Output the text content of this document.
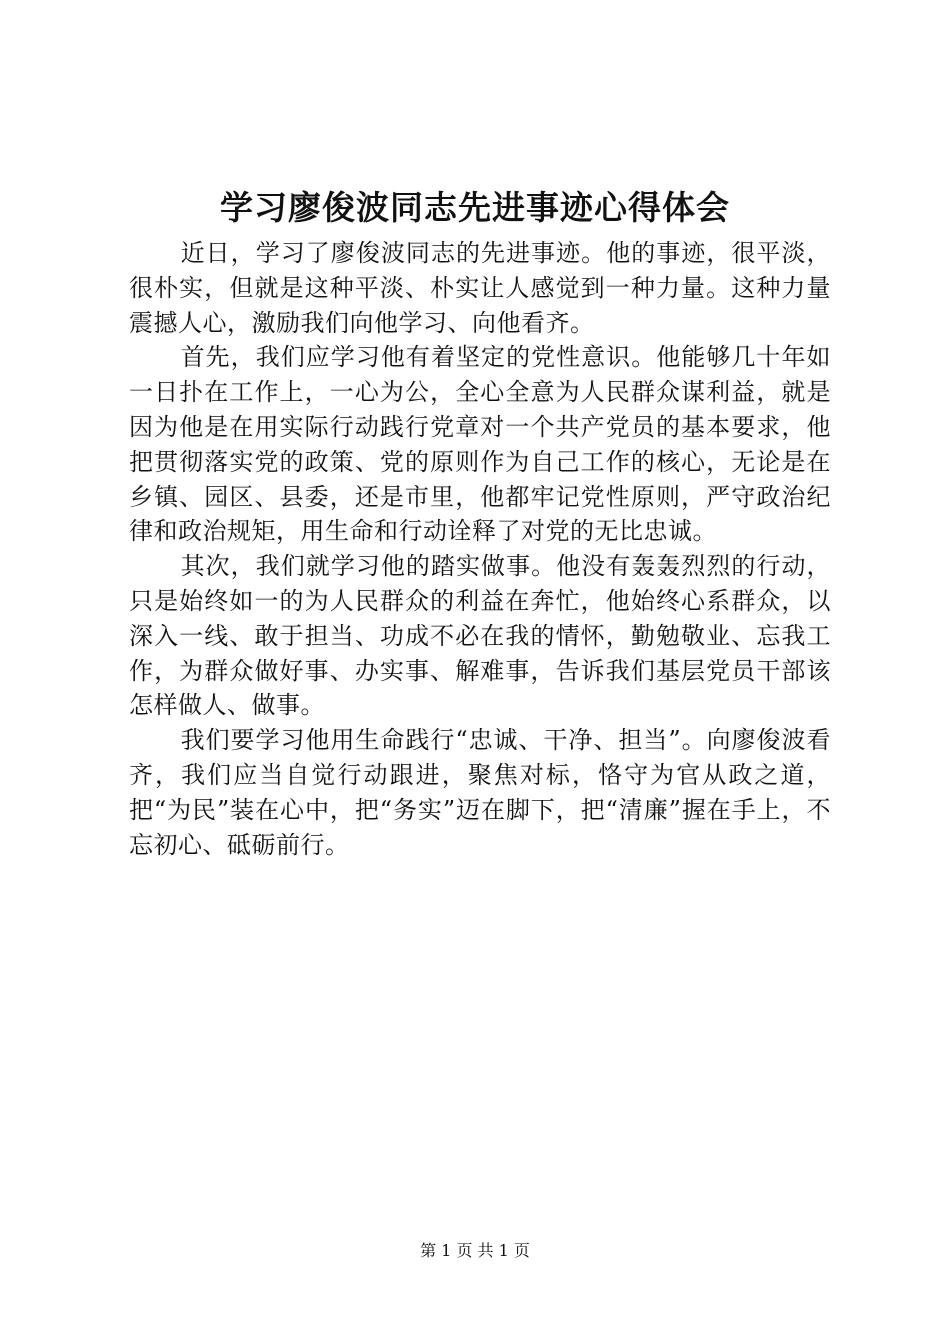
学习廖俊波同志先进事迹心得体会

近日，学习了廖俊波同志的先进事迹。他的事迹，很平淡，很朴实，但就是这种平淡、朴实让人感觉到一种力量。这种力量震撼人心，激励我们向他学习、向他看齐。

首先，我们应学习他有着坚定的党性意识。他能够几十年如一日扑在工作上，一心为公，全心全意为人民群众谋利益，就是因为他是在用实际行动践行党章对一个共产党员的基本要求，他把贯彻落实党的政策、党的原则作为自己工作的核心，无论是在乡镇、园区、县委，还是市里，他都牢记党性原则，严守政治纪律和政治规矩，用生命和行动诠释了对党的无比忠诚。

其次，我们就学习他的踏实做事。他没有轰轰烈烈的行动，只是始终如一的为人民群众的利益在奔忙，他始终心系群众，以深入一线、敢于担当、功成不必在我的情怀，勤勉敬业、忘我工作，为群众做好事、办实事、解难事，告诉我们基层党员干部该怎样做人、做事。

我们要学习他用生命践行“忠诚、干净、担当”。向廖俊波看齐，我们应当自觉行动跟进，聚焦对标，恪守为官从政之道，把“为民”装在心中，把“务实”迈在脚下，把“清廉”握在手上，不忘初心、砥砺前行。

第 1 页 共 1 页
